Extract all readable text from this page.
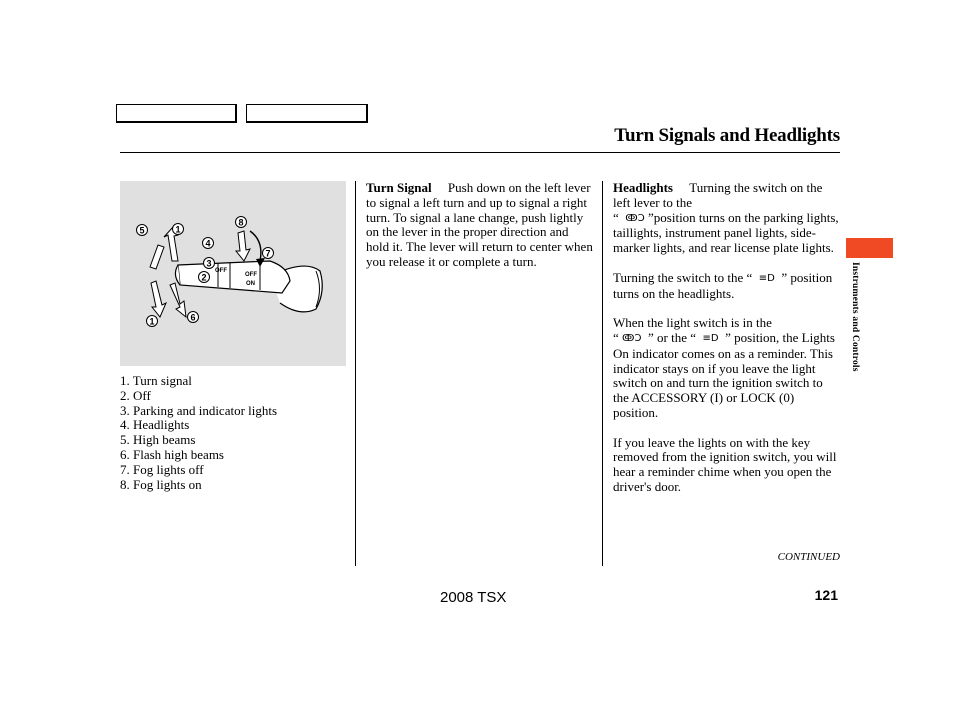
Turn Signals and Headlights
5	1
4
8
3
2
7
1	6
OFF
OFF
ON
1. Turn signal
2. Off
3. Parking and indicator lights
4. Headlights
5. High beams
6. Flash high beams
7. Fog lights off
8. Fog lights on

Turn Signal Push down on the left lever to signal a left turn and up to signal a right turn. To signal a lane change, push lightly on the lever in the proper direction and hold it. The lever will return to center when you release it or complete a turn.

Headlights Turning the switch on the left lever to the
“ ↂↃ ”position turns on the parking lights, taillights, instrument panel lights, side-marker lights, and rear license plate lights.

Turning the switch to the “ ≡D ” position turns on the headlights.

When the light switch is in the
“ ↂↃ ” or the “ ≡D ” position, the Lights On indicator comes on as a reminder. This indicator stays on if you leave the light switch on and turn the ignition switch to the ACCESSORY (I) or LOCK (0) position.

If you leave the lights on with the key removed from the ignition switch, you will hear a reminder chime when you open the driver's door.

Instruments and Controls
CONTINUED
2008 TSX	121
